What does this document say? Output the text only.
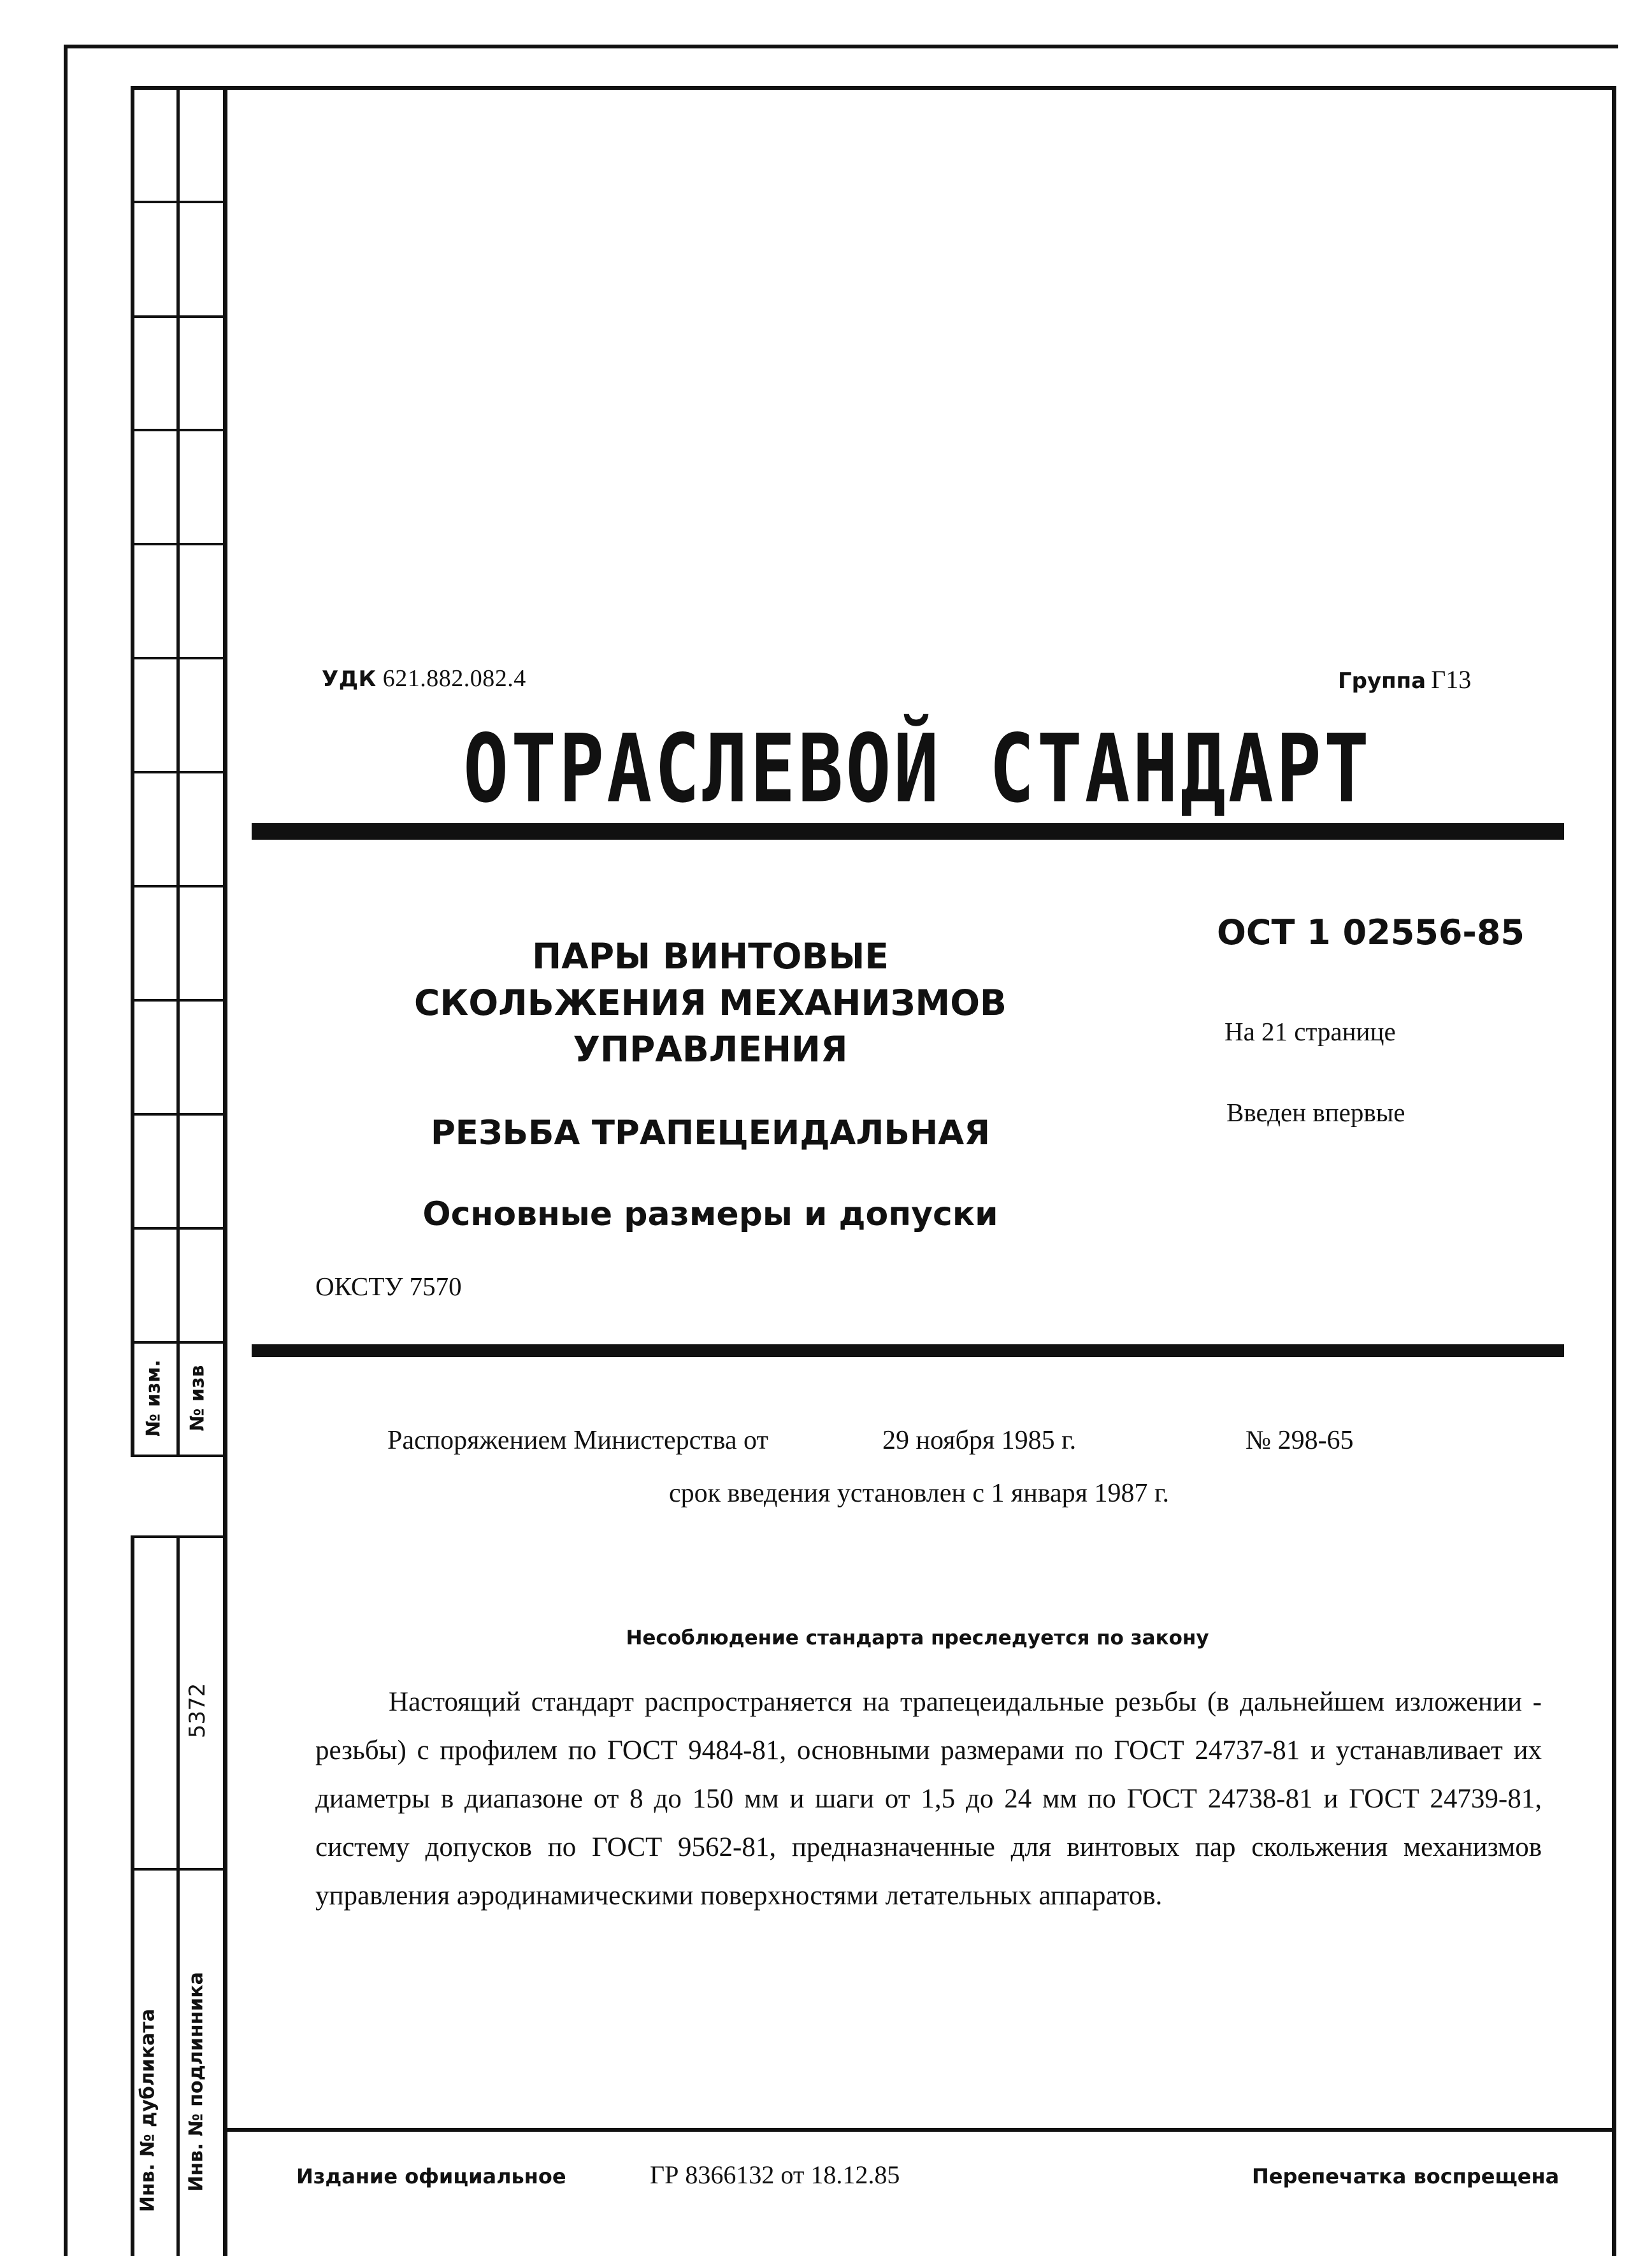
№ изм. № изв
5372
Инв. № дубликата Инв. № подлинника
УДК 621.882.082.4	Группа Г13
ОТРАСЛЕВОЙ СТАНДАРТ
ОСТ 1 02556-85
На 21 странице
Введен впервые
ПАРЫ ВИНТОВЫЕ
СКОЛЬЖЕНИЯ МЕХАНИЗМОВ
УПРАВЛЕНИЯ
РЕЗЬБА ТРАПЕЦЕИДАЛЬНАЯ
Основные размеры и допуски
ОКСТУ 7570
Распоряжением Министерства от	29 ноября 1985 г.	№ 298-65
срок введения установлен с 1 января 1987 г.
Несоблюдение стандарта преследуется по закону
Настоящий стандарт распространяется на трапецеидальные резьбы (в дальнейшем изложении - резьбы) с профилем по ГОСТ 9484-81, основными размерами по ГОСТ 24737-81 и устанавливает их диаметры в диапазоне от 8 до 150 мм и шаги от 1,5 до 24 мм по ГОСТ 24738-81 и ГОСТ 24739-81, систему допусков по ГОСТ 9562-81, предназначенные для винтовых пар скольжения механизмов управления аэродинамическими поверхностями летательных аппаратов.
Издание официальное	ГР 8366132 от 18.12.85	Перепечатка воспрещена
